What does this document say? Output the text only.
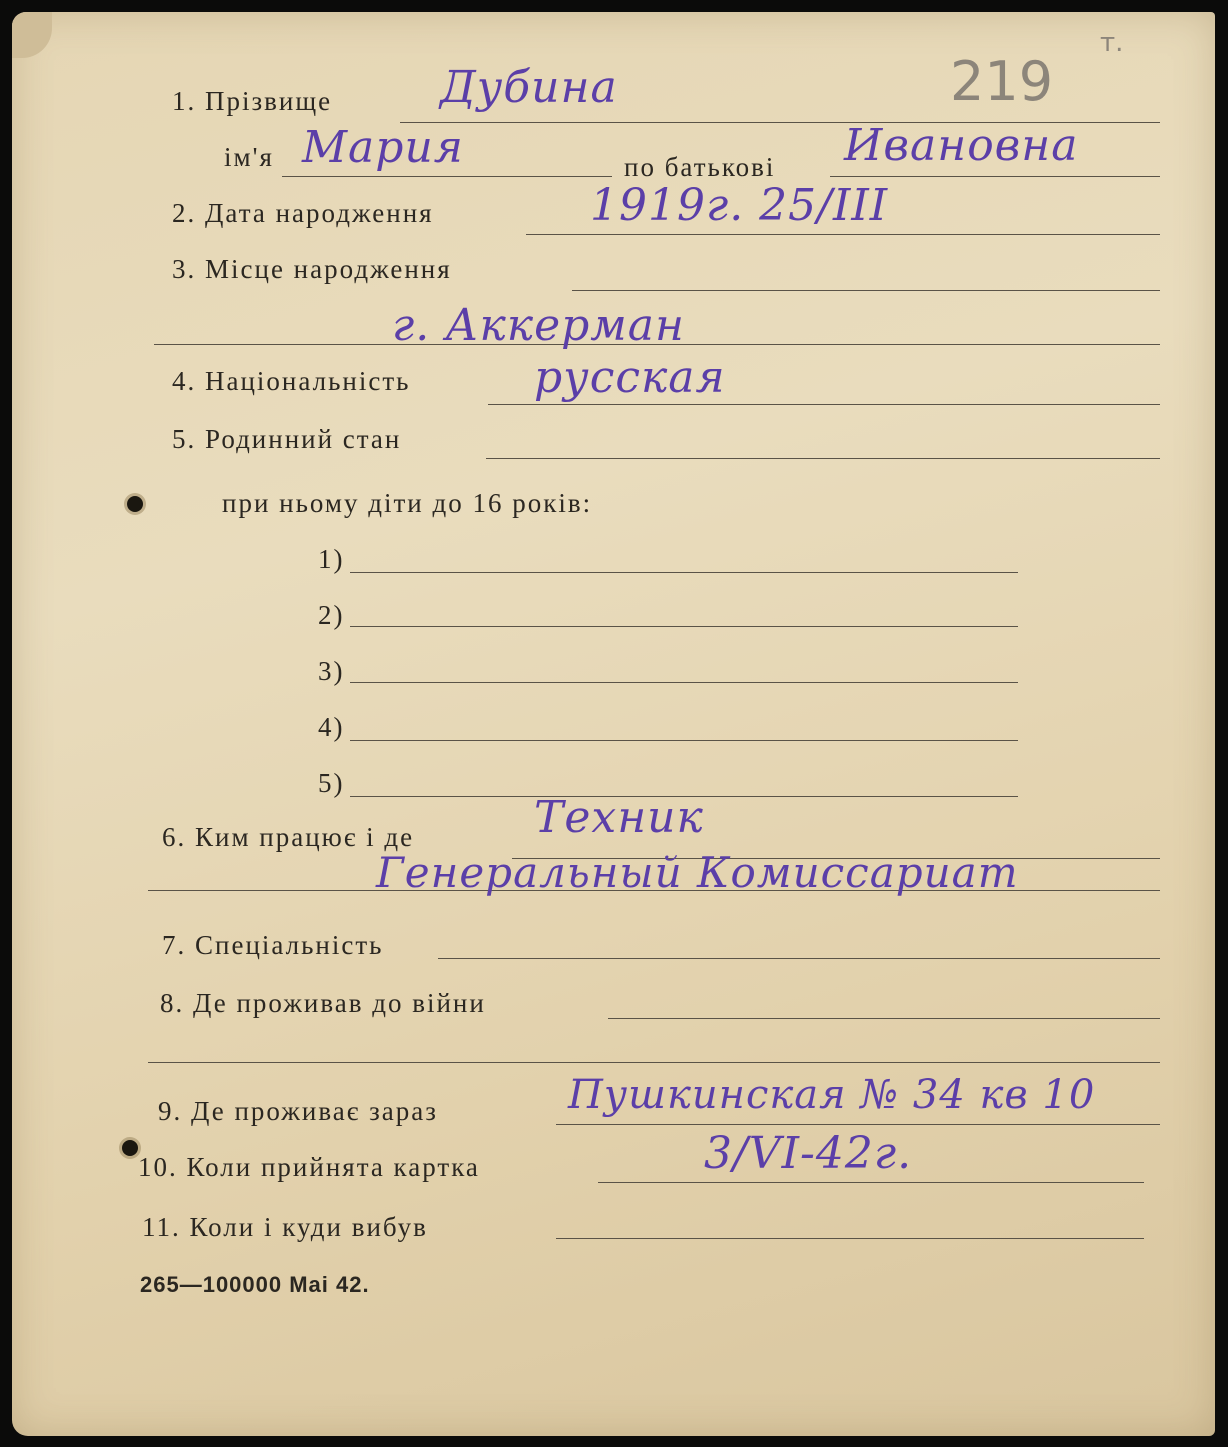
219
т.
1. Прізвище Дубина
ім'я Мария	по батькові Ивановна
2. Дата народження	1919г. 25/III
3. Місце народження
г. Аккерман
4. Національність	русская
5. Родинний стан
при ньому діти до 16 років:
1)
2)
3)
4)
5)
6. Ким працює і де	Техник
Генеральный Комиссариат
7. Спеціальність
8. Де проживав до війни
9. Де проживає зараз	Пушкинская № 34 кв 10
10. Коли прийнята картка	3/VI-42г.
11. Коли і куди вибув
265—100000 Mai 42.
